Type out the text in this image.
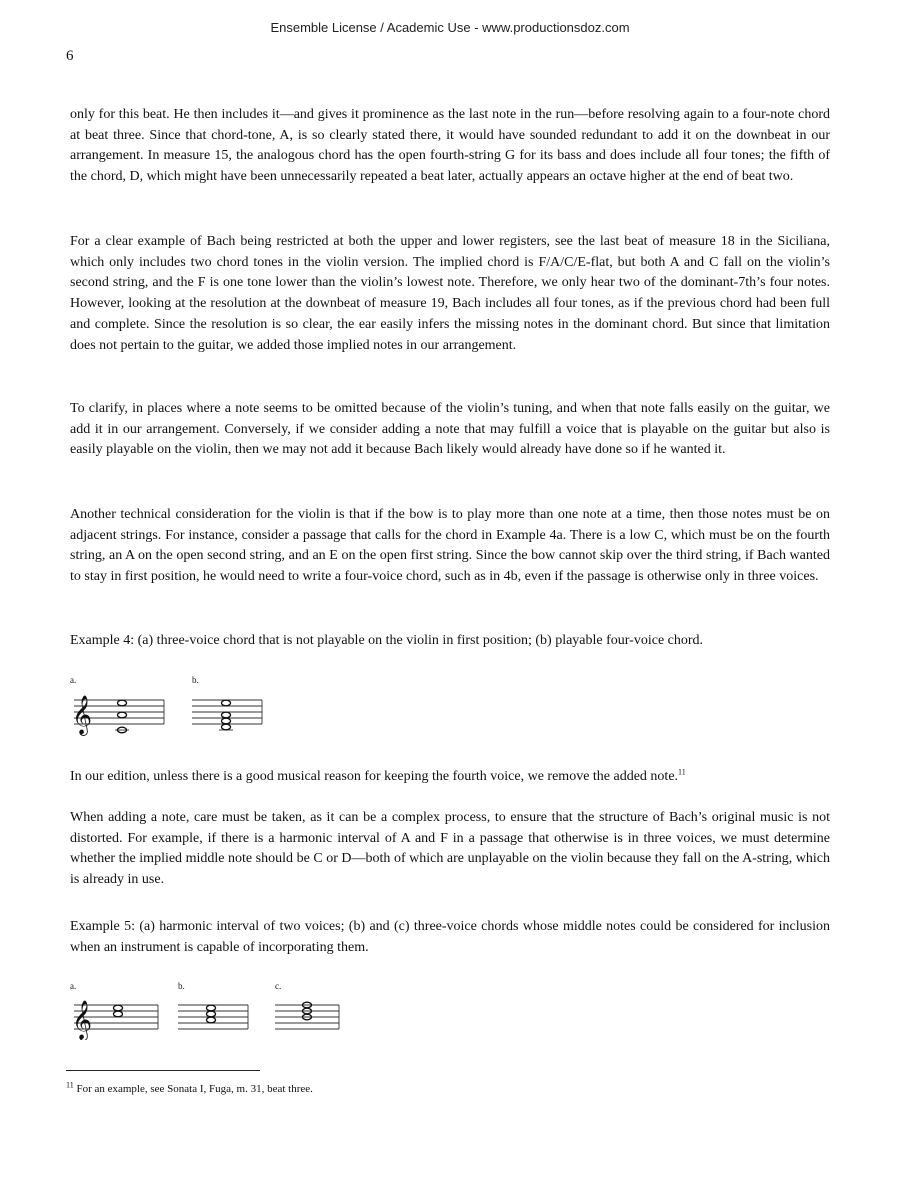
Ensemble License / Academic Use - www.productionsdoz.com
6

only for this beat. He then includes it—and gives it prominence as the last note in the run—before resolving again to a four-note chord at beat three. Since that chord-tone, A, is so clearly stated there, it would have sounded redundant to add it on the downbeat in our arrangement. In measure 15, the analogous chord has the open fourth-string G for its bass and does include all four tones; the fifth of the chord, D, which might have been unnecessarily repeated a beat later, actually appears an octave higher at the end of beat two.

For a clear example of Bach being restricted at both the upper and lower registers, see the last beat of measure 18 in the Siciliana, which only includes two chord tones in the violin version. The implied chord is F/A/C/E-flat, but both A and C fall on the violin’s second string, and the F is one tone lower than the violin’s lowest note. Therefore, we only hear two of the dominant-7th’s four notes. However, looking at the resolution at the downbeat of measure 19, Bach includes all four tones, as if the previous chord had been full and complete. Since the resolution is so clear, the ear easily infers the missing notes in the dominant chord. But since that limitation does not pertain to the guitar, we added those implied notes in our arrangement.

To clarify, in places where a note seems to be omitted because of the violin’s tuning, and when that note falls easily on the guitar, we add it in our arrangement. Conversely, if we consider adding a note that may fulfill a voice that is playable on the guitar but also is easily playable on the violin, then we may not add it because Bach likely would already have done so if he wanted it.

Another technical consideration for the violin is that if the bow is to play more than one note at a time, then those notes must be on adjacent strings. For instance, consider a passage that calls for the chord in Example 4a. There is a low C, which must be on the fourth string, an A on the open second string, and an E on the open first string. Since the bow cannot skip over the third string, if Bach wanted to stay in first position, he would need to write a four-voice chord, such as in 4b, even if the passage is otherwise only in three voices.

Example 4: (a) three-voice chord that is not playable on the violin in first position; (b) playable four-voice chord.

a.	b.
𝄞

In our edition, unless there is a good musical reason for keeping the fourth voice, we remove the added note.$^{11}$

When adding a note, care must be taken, as it can be a complex process, to ensure that the structure of Bach’s original music is not distorted. For example, if there is a harmonic interval of A and F in a passage that otherwise is in three voices, we must determine whether the implied middle note should be C or D—both of which are unplayable on the violin because they fall on the A-string, which is already in use.

Example 5: (a) harmonic interval of two voices; (b) and (c) three-voice chords whose middle notes could be considered for inclusion when an instrument is capable of incorporating them.

a.	b.	c.
𝄞
$^{11}$ For an example, see Sonata I, Fuga, m. 31, beat three.
